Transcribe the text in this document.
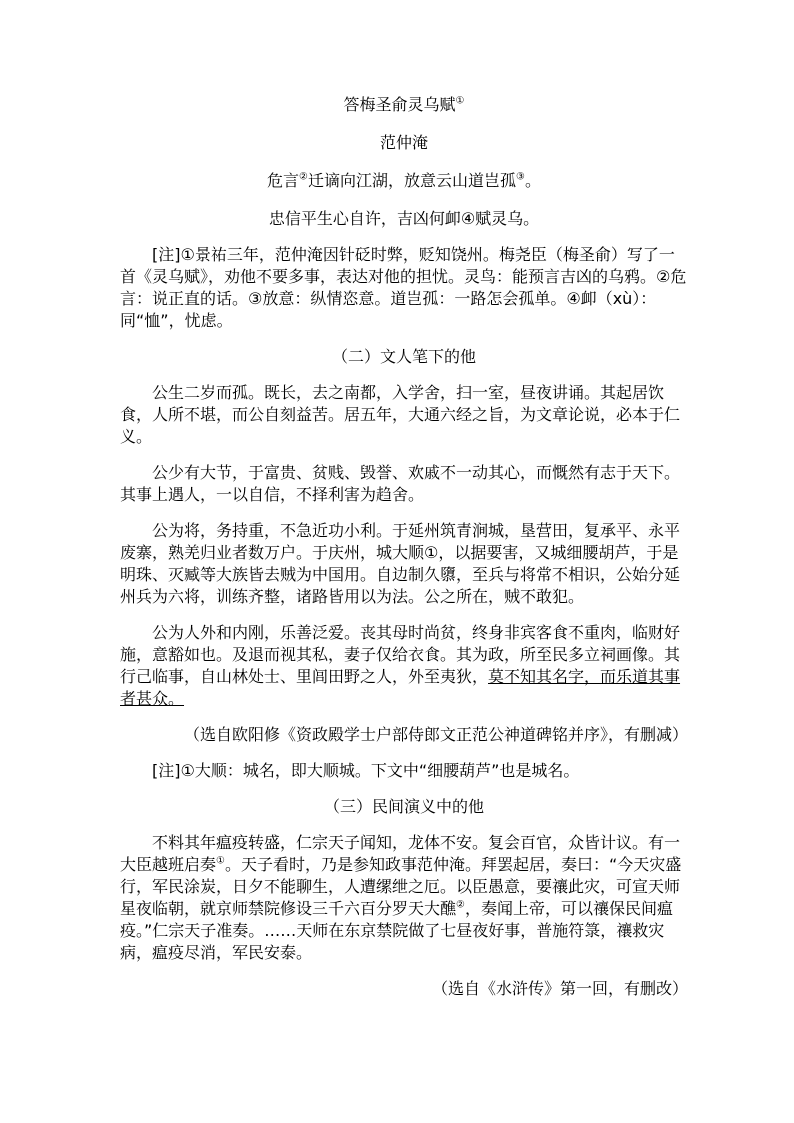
答梅圣俞灵乌赋①

范仲淹

危言②迁谪向江湖，放意云山道岂孤③。

忠信平生心自许，吉凶何卹④赋灵乌。

[注]①景祐三年，范仲淹因针砭时弊，贬知饶州。梅尧臣（梅圣俞）写了一首《灵乌赋》，劝他不要多事，表达对他的担忧。灵鸟：能预言吉凶的乌鸦。②危言：说正直的话。③放意：纵情恣意。道岂孤：一路怎会孤单。④卹（xù）：同“恤”，忧虑。

（二）文人笔下的他

公生二岁而孤。既长，去之南都，入学舍，扫一室，昼夜讲诵。其起居饮食，人所不堪，而公自刻益苦。居五年，大通六经之旨，为文章论说，必本于仁义。

公少有大节，于富贵、贫贱、毁誉、欢戚不一动其心，而慨然有志于天下。其事上遇人，一以自信，不择利害为趋舍。

公为将，务持重，不急近功小利。于延州筑青涧城，垦营田，复承平、永平废寨，熟羌归业者数万户。于庆州，城大顺①，以据要害，又城细腰胡芦，于是明珠、灭臧等大族皆去贼为中国用。自边制久隳，至兵与将常不相识，公始分延州兵为六将，训练齐整，诸路皆用以为法。公之所在，贼不敢犯。

公为人外和内刚，乐善泛爱。丧其母时尚贫，终身非宾客食不重肉，临财好施，意豁如也。及退而视其私，妻子仅给衣食。其为政，所至民多立祠画像。其行己临事，自山林处士、里闾田野之人，外至夷狄，莫不知其名字，而乐道其事者甚众。

（选自欧阳修《资政殿学士户部侍郎文正范公神道碑铭并序》，有删减）

[注]①大顺：城名，即大顺城。下文中“细腰葫芦”也是城名。

（三）民间演义中的他

不料其年瘟疫转盛，仁宗天子闻知，龙体不安。复会百官，众皆计议。有一大臣越班启奏①。天子看时，乃是参知政事范仲淹。拜罢起居，奏曰：“今天灾盛行，军民涂炭，日夕不能聊生，人遭缧绁之厄。以臣愚意，要禳此灾，可宣天师星夜临朝，就京师禁院修设三千六百分罗天大醮②，奏闻上帝，可以禳保民间瘟疫。”仁宗天子准奏。……天师在东京禁院做了七昼夜好事，普施符箓，禳救灾病，瘟疫尽消，军民安泰。

（选自《水浒传》第一回，有删改）
